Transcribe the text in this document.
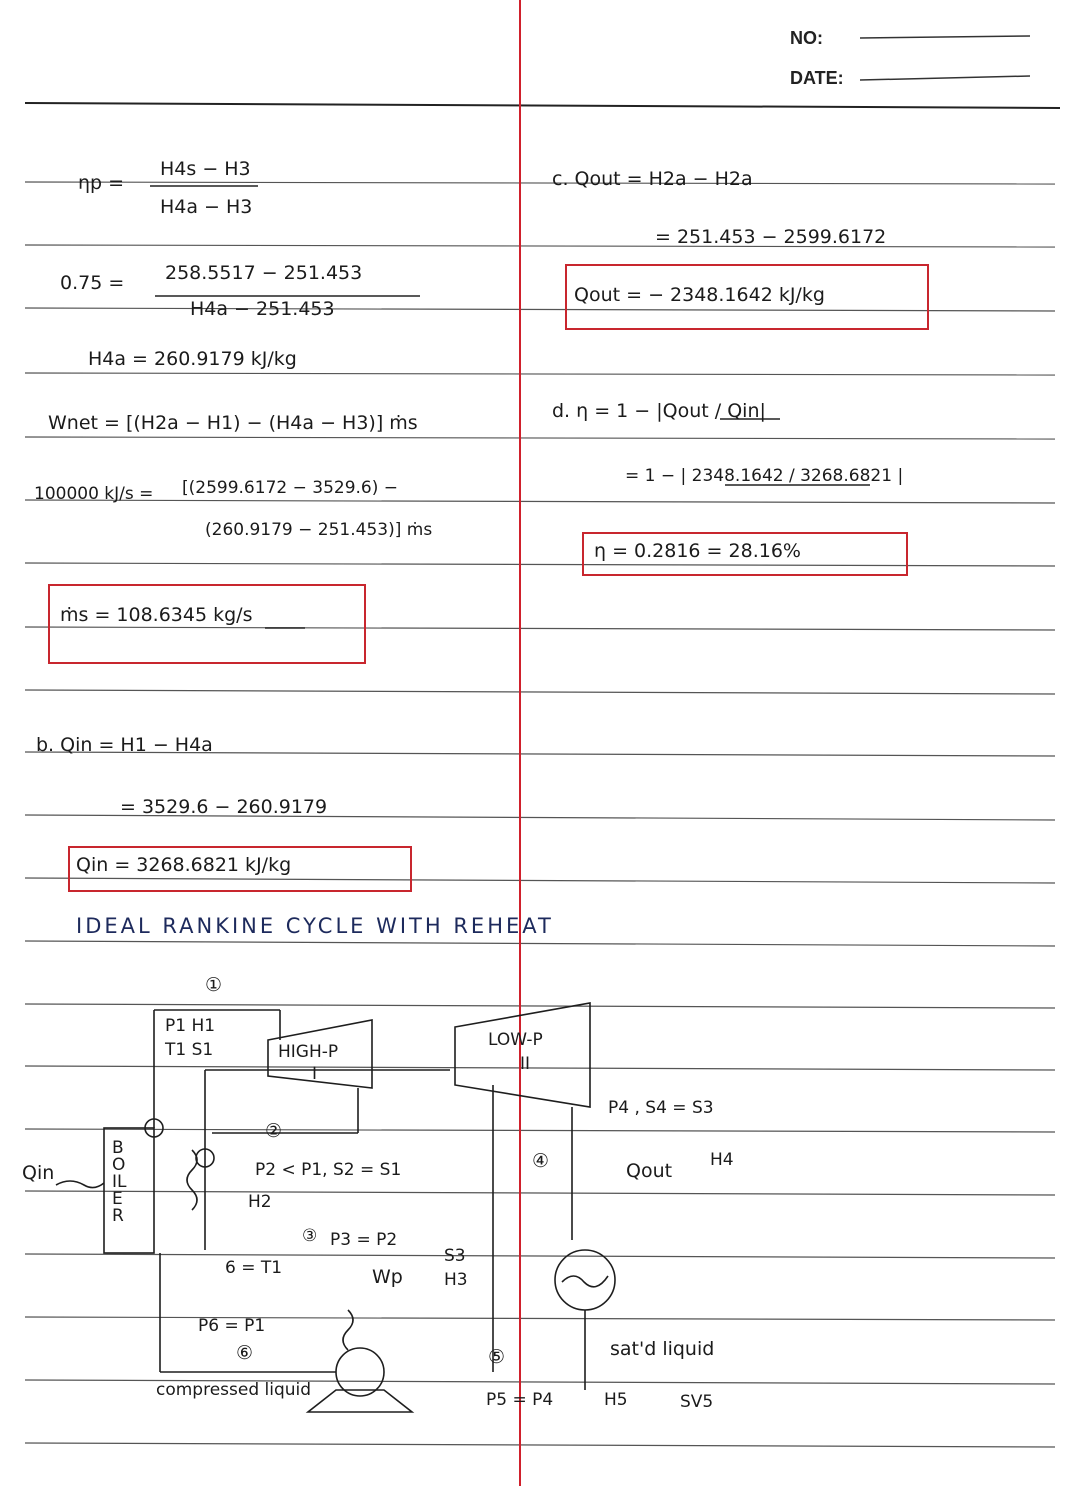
NO:
DATE:
ηp =
H4s − H3
H4a − H3
0.75 = 258.5517 − 251.453
H4a − 251.453
H4a = 260.9179 kJ/kg
Wnet = [(H2a − H1) − (H4a − H3)] ṁs
100000 kJ/s = [(2599.6172 − 3529.6) −
(260.9179 − 251.453)] ṁs
ṁs = 108.6345 kg/s
b. Qin = H1 − H4a
= 3529.6 − 260.9179
Qin = 3268.6821 kJ/kg
c. Qout = H2a − H2a
= 251.453 − 2599.6172
Qout = − 2348.1642 kJ/kg
d. η = 1 − |Qout / Qin|
= 1 − | 2348.1642 / 3268.6821 |
η = 0.2816 = 28.16%
IDEAL RANKINE CYCLE WITH REHEAT
①
P1 H1
T1 S1	HIGH-P
I
LOW-P
II
②
P2 < P1, S2 = S1
H2
③ P3 = P2
S3
H3
6 = T1	Wp
④
P4 , S4 = S3
H4
Qout
Qin
BOILER
P6 = P1
⑥
compressed liquid
⑤
P5 = P4	H5	SV5
sat'd liquid
